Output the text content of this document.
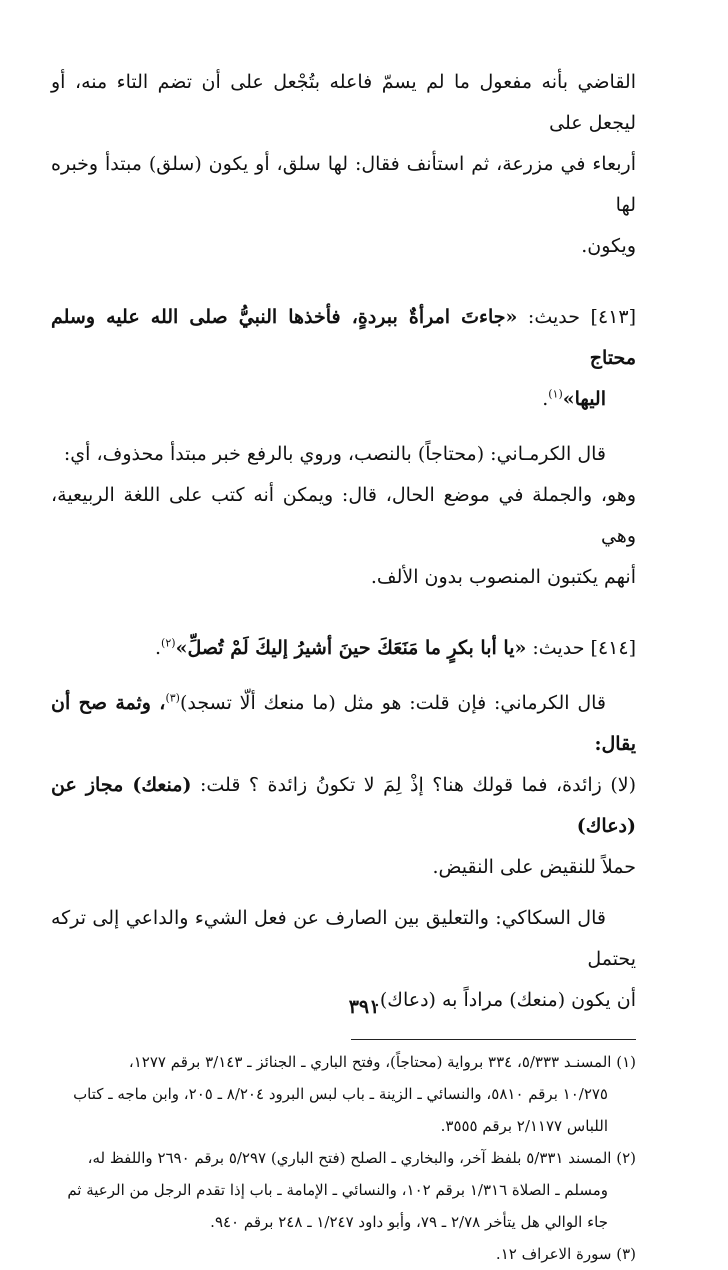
القاضي بأنه مفعول ما لم يسمّ فاعله بتُجْعل على أن تضم التاء منه، أو ليجعل على
أربعاء في مزرعة، ثم استأنف فقال: لها سلق، أو يكون (سلق) مبتدأ وخبره لها
ويكون.

[٤١٣] حديث: «جاءتَ امرأةٌ ببردةٍ، فأخذها النبيُّ صلى الله عليه وسلم محتاج
اليها»$^{(١)}$.

قال الكرمـاني: (محتاجاً) بالنصب، وروي بالرفع خبر مبتدأ محذوف، أي:
وهو، والجملة في موضع الحال، قال: ويمكن أنه كتب على اللغة الربيعية، وهي
أنهم يكتبون المنصوب بدون الألف.

[٤١٤] حديث: «يا أبا بكرٍ ما مَنَعَكَ حينَ أشيرُ إليكَ لَمْ تُصلِّ»$^{(٢)}$.

قال الكرماني: فإن قلت: هو مثل (ما منعك ألّا تسجد)$^{(٣)}$، وثمة صح أن يقال:
(لا) زائدة، فما قولك هنا؟ إذْ لِمَ لا تكونُ زائدة ؟ قلت: (منعك) مجاز عن (دعاك)
حملاً للنقيض على النقيض.

قال السكاكي: والتعليق بين الصارف عن فعل الشيء والداعي إلى تركه يحتمل
أن يكون (منعك) مراداً به (دعاك).

(١) المسنـد ٥/٣٣٣، ٣٣٤ برواية (محتاجاً)، وفتح الباري ـ الجنائز ـ ٣/١٤٣ برقم ١٢٧٧،
١٠/٢٧٥ برقم ٥٨١٠، والنسائي ـ الزينة ـ باب لبس البرود ٨/٢٠٤ ـ ٢٠٥، وابن ماجه ـ كتاب
اللباس ٢/١١٧٧ برقم ٣٥٥٥.

(٢) المسند ٥/٣٣١ بلفظ آخر، والبخاري ـ الصلح (فتح الباري) ٥/٢٩٧ برقم ٢٦٩٠ واللفظ له،
ومسلم ـ الصلاة ١/٣١٦ برقم ١٠٢، والنسائي ـ الإمامة ـ باب إذا تقدم الرجل من الرعية ثم
جاء الوالي هل يتأخر ٢/٧٨ ـ ٧٩، وأبو داود ١/٢٤٧ ـ ٢٤٨ برقم ٩٤٠.

(٣) سورة الاعراف ١٢.

٣٩١
